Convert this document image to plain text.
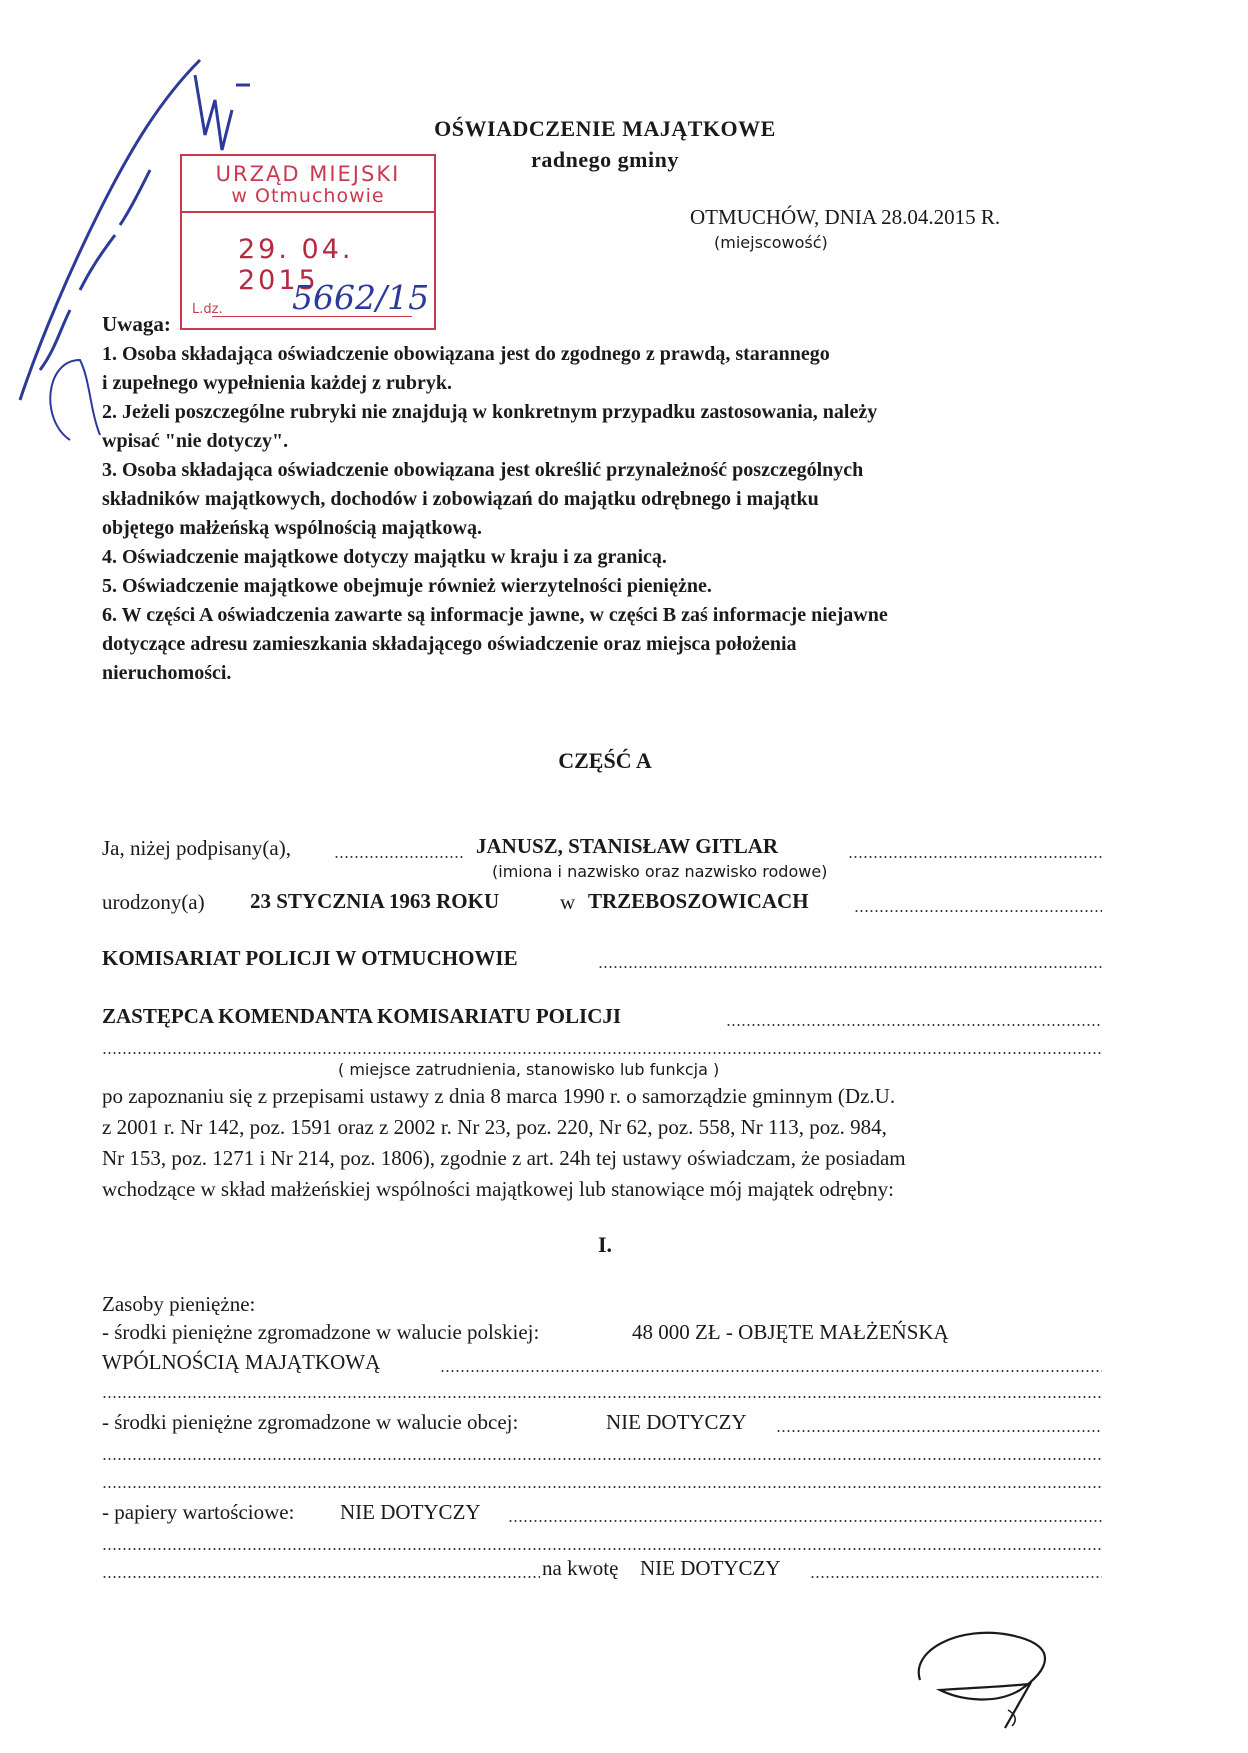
OŚWIADCZENIE MAJĄTKOWE
radnego gminy
OTMUCHÓW, DNIA 28.04.2015 R.
(miejscowość)
URZĄD MIEJSKI
w Otmuchowie
29. 04. 2015
5662/15
L.dz.
Uwaga:

1. Osoba składająca oświadczenie obowiązana jest do zgodnego z prawdą, starannego

i zupełnego wypełnienia każdej z rubryk.

2. Jeżeli poszczególne rubryki nie znajdują w konkretnym przypadku zastosowania, należy

wpisać "nie dotyczy".

3. Osoba składająca oświadczenie obowiązana jest określić przynależność poszczególnych

składników majątkowych, dochodów i zobowiązań do majątku odrębnego i majątku

objętego małżeńską wspólnością majątkową.

4. Oświadczenie majątkowe dotyczy majątku w kraju i za granicą.

5. Oświadczenie majątkowe obejmuje również wierzytelności pieniężne.

6. W części A oświadczenia zawarte są informacje jawne, w części B zaś informacje niejawne

dotyczące adresu zamieszkania składającego oświadczenie oraz miejsca położenia

nieruchomości.

CZĘŚĆ A
Ja, niżej podpisany(a),	JANUSZ, STANISŁAW GITLAR
(imiona i nazwisko oraz nazwisko rodowe)
urodzony(a) 23 STYCZNIA 1963 ROKU	w TRZEBOSZOWICACH
KOMISARIAT POLICJI W OTMUCHOWIE
ZASTĘPCA KOMENDANTA KOMISARIATU POLICJI
( miejsce zatrudnienia, stanowisko lub funkcja )
po zapoznaniu się z przepisami ustawy z dnia 8 marca 1990 r. o samorządzie gminnym (Dz.U.
z 2001 r. Nr 142, poz. 1591 oraz z 2002 r. Nr 23, poz. 220, Nr 62, poz. 558, Nr 113, poz. 984,
Nr 153, poz. 1271 i Nr 214, poz. 1806), zgodnie z art. 24h tej ustawy oświadczam, że posiadam
wchodzące w skład małżeńskiej wspólności majątkowej lub stanowiące mój majątek odrębny:
I.
Zasoby pieniężne:
- środki pieniężne zgromadzone w walucie polskiej:	48 000 ZŁ - OBJĘTE MAŁŻEŃSKĄ
WPÓLNOŚCIĄ MAJĄTKOWĄ
- środki pieniężne zgromadzone w walucie obcej:	NIE DOTYCZY
- papiery wartościowe: NIE DOTYCZY
na kwotę NIE DOTYCZY
